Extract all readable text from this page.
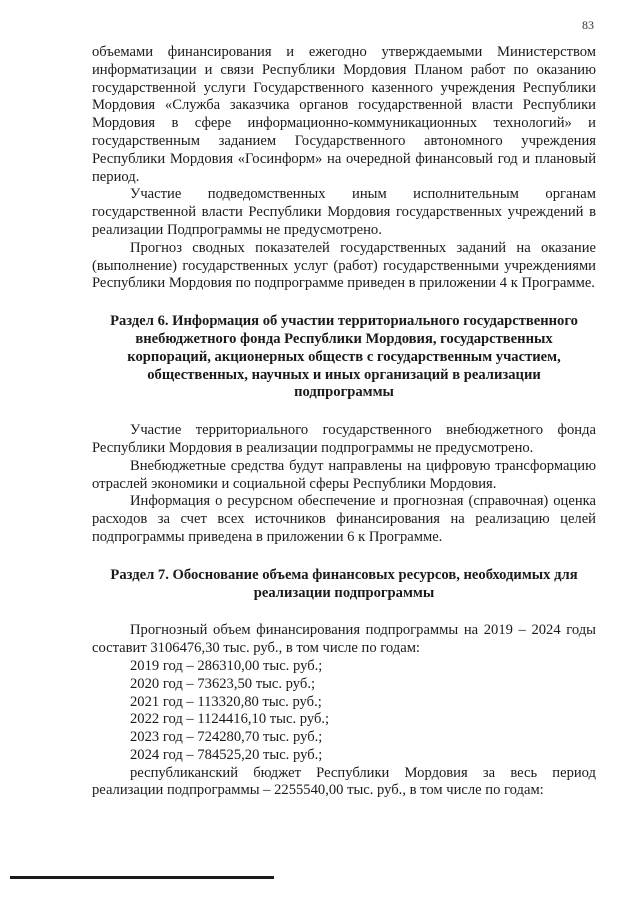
83

объемами финансирования и ежегодно утверждаемыми Министерством информатизации и связи Республики Мордовия Планом работ по оказанию государственной услуги Государственного казенного учреждения Республики Мордовия «Служба заказчика органов государственной власти Республики Мордовия в сфере информационно-коммуникационных технологий» и государственным заданием Государственного автономного учреждения Республики Мордовия «Госинформ» на очередной финансовый год и плановый период.

Участие подведомственных иным исполнительным органам государственной власти Республики Мордовия государственных учреждений в реализации Подпрограммы не предусмотрено.

Прогноз сводных показателей государственных заданий на оказание (выполнение) государственных услуг (работ) государственными учреждениями Республики Мордовия по подпрограмме приведен в приложении 4 к Программе.

Раздел 6. Информация об участии территориального государственного
внебюджетного фонда Республики Мордовия, государственных
корпораций, акционерных обществ с государственным участием,
общественных, научных и иных организаций в реализации
подпрограммы

Участие территориального государственного внебюджетного фонда Республики Мордовия в реализации подпрограммы не предусмотрено.

Внебюджетные средства будут направлены на цифровую трансформацию отраслей экономики и социальной сферы Республики Мордовия.

Информация о ресурсном обеспечение и прогнозная (справочная) оценка расходов за счет всех источников финансирования на реализацию целей подпрограммы приведена в приложении 6 к Программе.

Раздел 7. Обоснование объема финансовых ресурсов, необходимых для
реализации подпрограммы

Прогнозный объем финансирования подпрограммы на 2019 – 2024 годы составит 3106476,30 тыс. руб., в том числе по годам:

2019 год – 286310,00 тыс. руб.;
2020 год – 73623,50 тыс. руб.;
2021 год – 113320,80 тыс. руб.;
2022 год – 1124416,10 тыс. руб.;
2023 год – 724280,70 тыс. руб.;
2024 год – 784525,20 тыс. руб.;

республиканский бюджет Республики Мордовия за весь период реализации подпрограммы – 2255540,00 тыс. руб., в том числе по годам:
